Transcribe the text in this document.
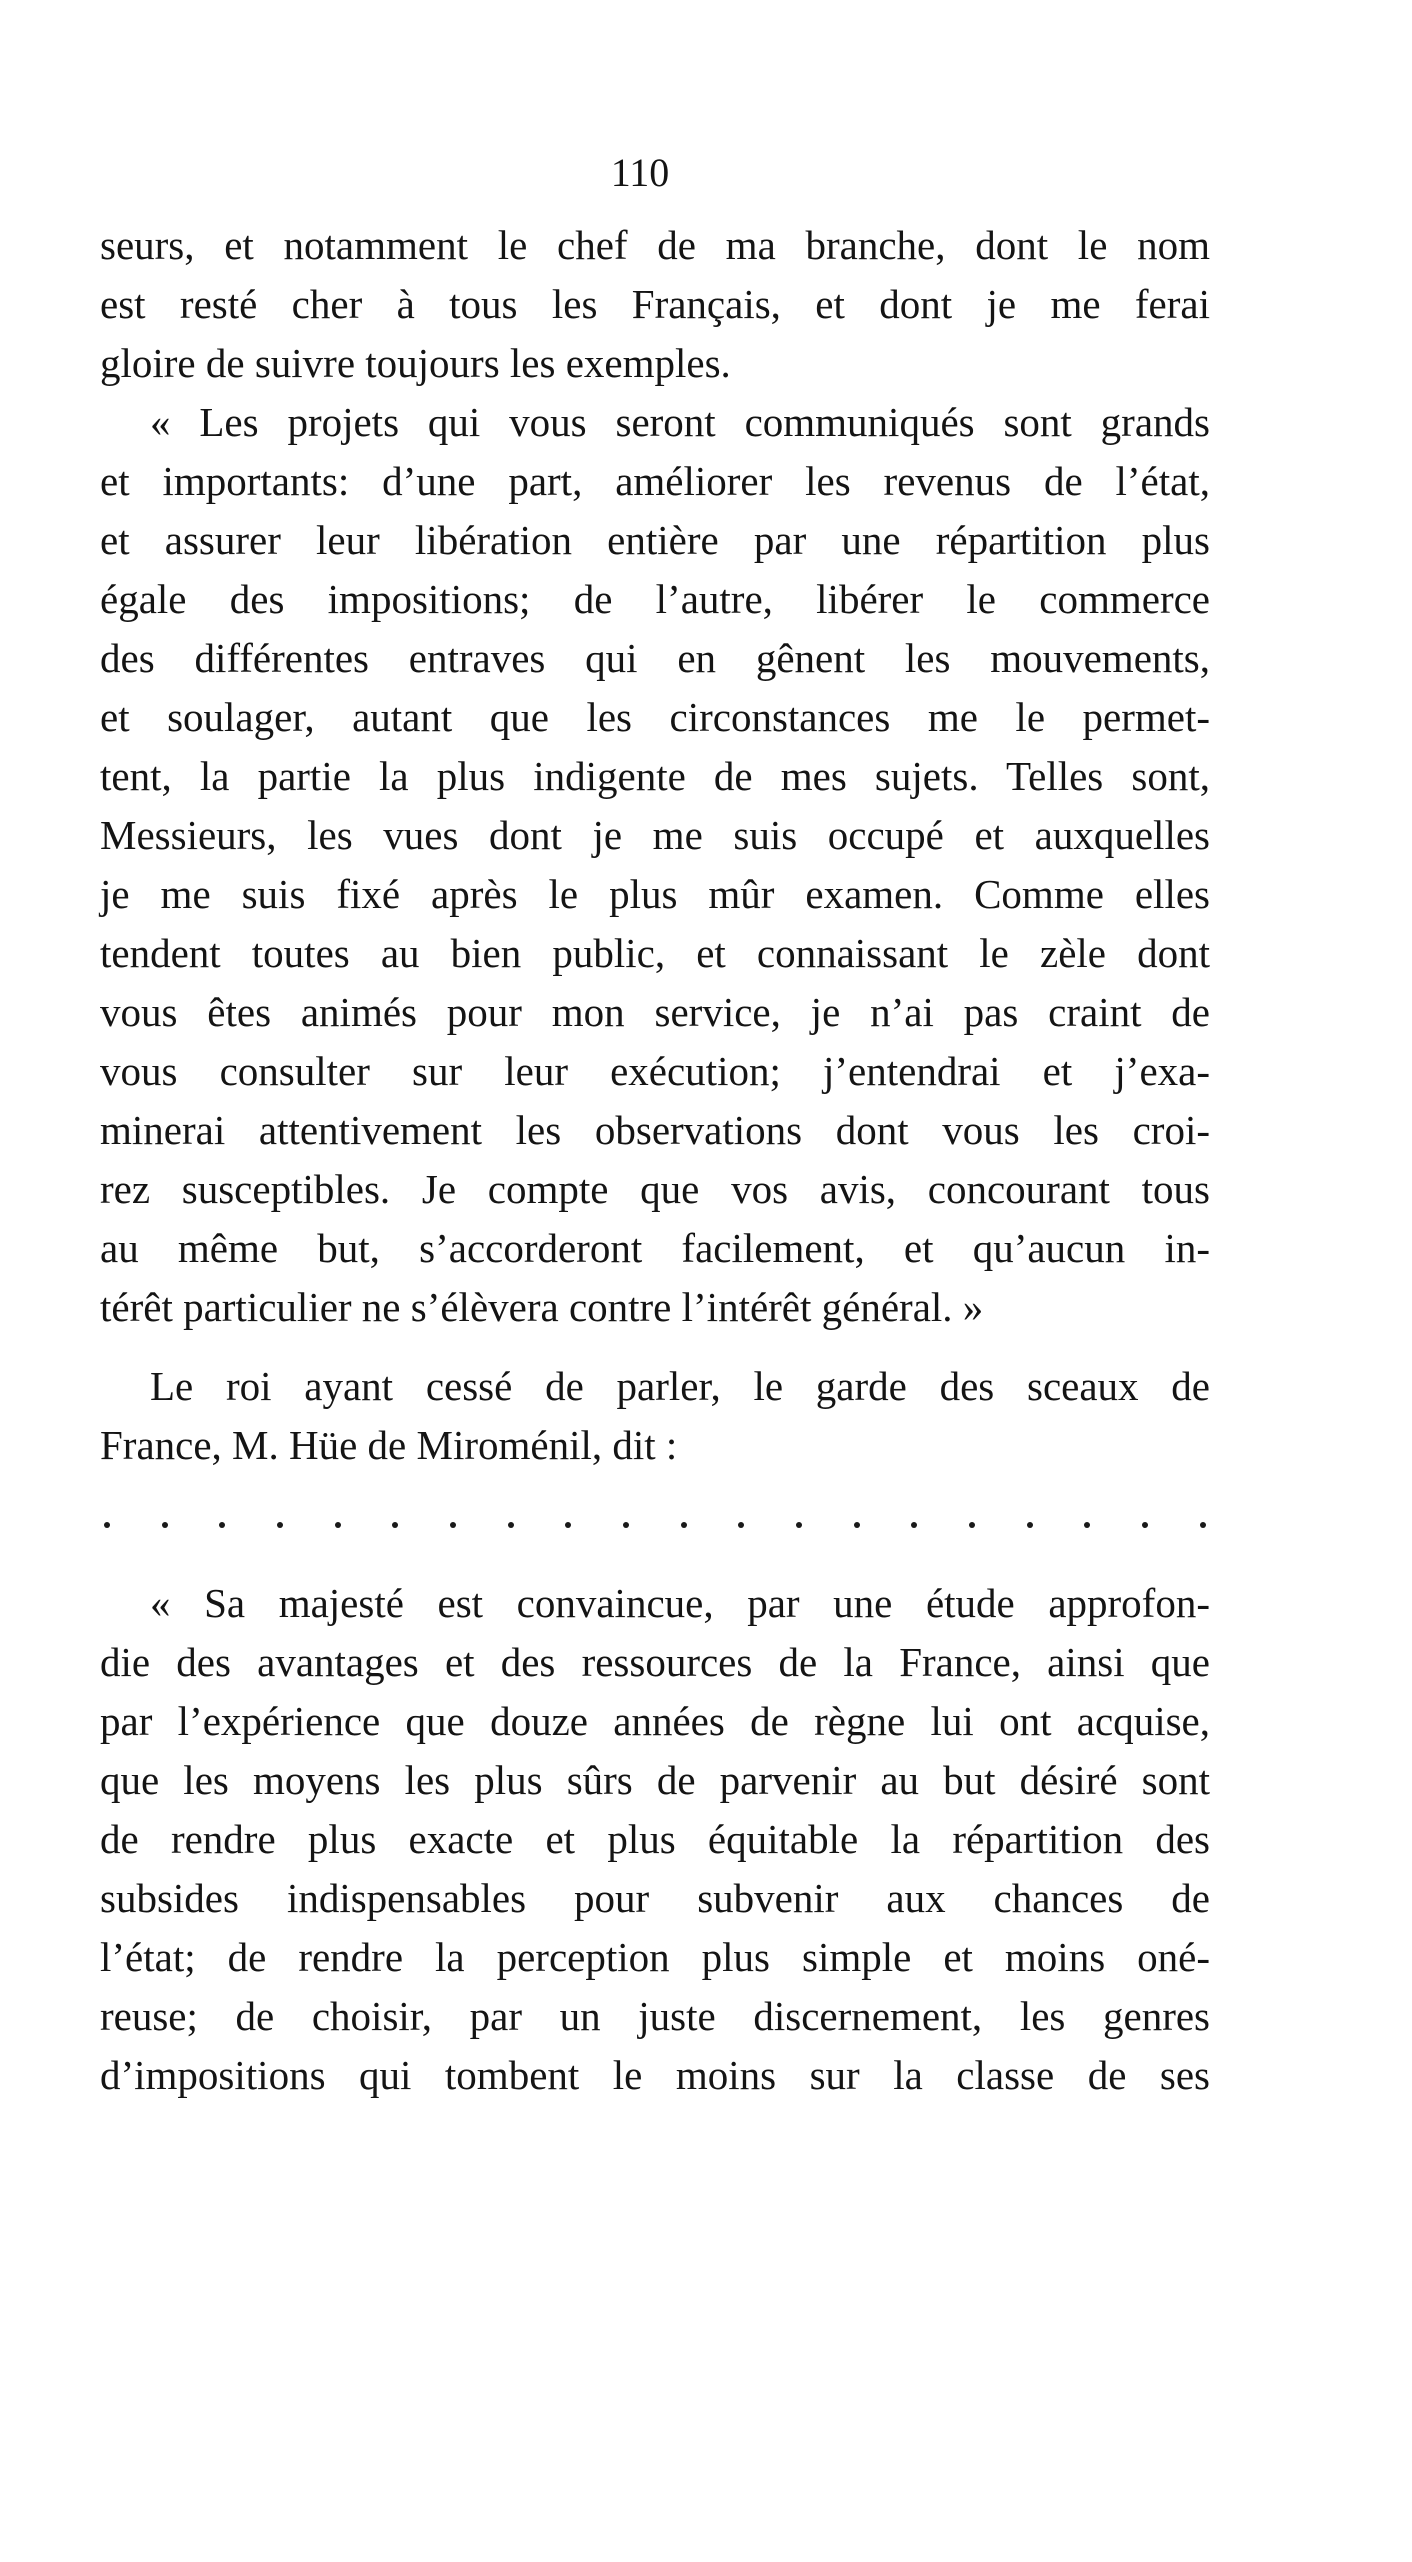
110
seurs, et notamment le chef de ma branche, dont le nom
est resté cher à tous les Français, et dont je me ferai
gloire de suivre toujours les exemples.
« Les projets qui vous seront communiqués sont grands
et importants: d’une part, améliorer les revenus de l’état,
et assurer leur libération entière par une répartition plus
égale des impositions; de l’autre, libérer le commerce
des différentes entraves qui en gênent les mouvements,
et soulager, autant que les circonstances me le permet-
tent, la partie la plus indigente de mes sujets. Telles sont,
Messieurs, les vues dont je me suis occupé et auxquelles
je me suis fixé après le plus mûr examen. Comme elles
tendent toutes au bien public, et connaissant le zèle dont
vous êtes animés pour mon service, je n’ai pas craint de
vous consulter sur leur exécution; j’entendrai et j’exa-
minerai attentivement les observations dont vous les croi-
rez susceptibles. Je compte que vos avis, concourant tous
au même but, s’accorderont facilement, et qu’aucun in-
térêt particulier ne s’élèvera contre l’intérêt général. »
Le roi ayant cessé de parler, le garde des sceaux de
France, M. Hüe de Miroménil, dit :
« Sa majesté est convaincue, par une étude approfon-
die des avantages et des ressources de la France, ainsi que
par l’expérience que douze années de règne lui ont acquise,
que les moyens les plus sûrs de parvenir au but désiré sont
de rendre plus exacte et plus équitable la répartition des
subsides indispensables pour subvenir aux chances de
l’état; de rendre la perception plus simple et moins oné-
reuse; de choisir, par un juste discernement, les genres
d’impositions qui tombent le moins sur la classe de ses
